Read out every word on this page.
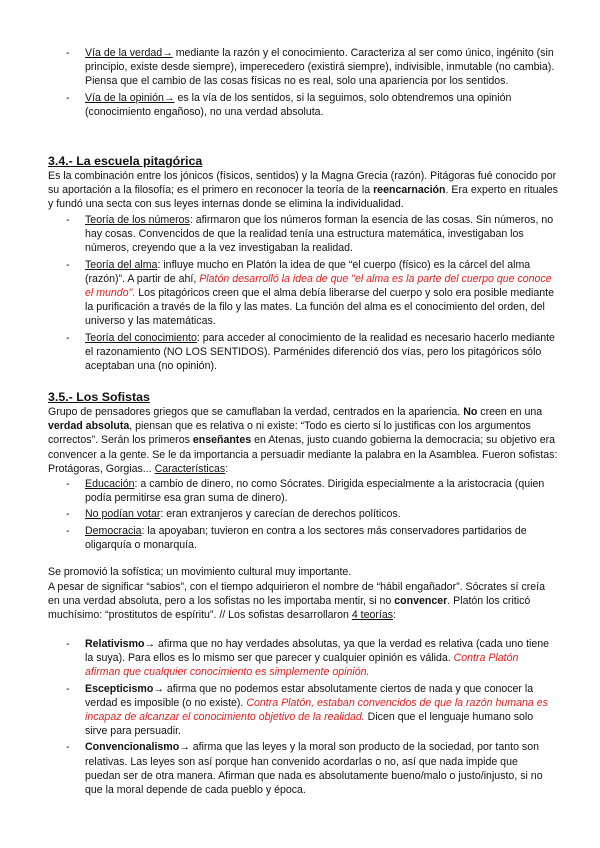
- Vía de la verdad→ mediante la razón y el conocimiento. Caracteriza al ser como único, ingénito (sin principio, existe desde siempre), imperecedero (existirá siempre), indivisible, inmutable (no cambia). Piensa que el cambio de las cosas físicas no es real, solo una apariencia por los sentidos.
- Vía de la opinión→ es la vía de los sentidos, si la seguimos, solo obtendremos una opinión (conocimiento engañoso), no una verdad absoluta.
3.4.- La escuela pitagórica

Es la combinación entre los jónicos (físicos, sentidos) y la Magna Grecia (razón). Pitágoras fué conocido por su aportación a la filosofía; es el primero en reconocer la teoría de la reencarnación. Era experto en rituales y fundó una secta con sus leyes internas donde se elimina la individualidad.

- Teoría de los números: afirmaron que los números forman la esencia de las cosas. Sin números, no hay cosas. Convencidos de que la realidad tenía una estructura matemática, investigaban los números, creyendo que a la vez investigaban la realidad.
- Teoría del alma: influye mucho en Platón la idea de que “el cuerpo (físico) es la cárcel del alma (razón)”. A partir de ahí, Platón desarrolló la idea de que "el alma es la parte del cuerpo que conoce el mundo". Los pitagóricos creen que el alma debía liberarse del cuerpo y solo era posible mediante la purificación a través de la filo y las mates. La función del alma es el conocimiento del orden, del universo y las matemáticas.
- Teoría del conocimiento: para acceder al conocimiento de la realidad es necesario hacerlo mediante el razonamiento (NO LOS SENTIDOS). Parménides diferenció dos vías, pero los pitagóricos sólo aceptaban una (no opinión).
3.5.- Los Sofistas

Grupo de pensadores griegos que se camuflaban la verdad, centrados en la apariencia. No creen en una verdad absoluta, piensan que es relativa o ni existe: “Todo es cierto si lo justificas con los argumentos correctos”. Serán los primeros enseñantes en Atenas, justo cuando gobierna la democracia; su objetivo era convencer a la gente. Se le da importancia a persuadir mediante la palabra en la Asamblea. Fueron sofistas: Protágoras, Gorgias... Características:

- Educación: a cambio de dinero, no como Sócrates. Dirigida especialmente a la aristocracia (quien podía permitirse esa gran suma de dinero).
- No podían votar: eran extranjeros y carecían de derechos políticos.
- Democracia: la apoyaban; tuvieron en contra a los sectores más conservadores partidarios de oligarquía o monarquía.

Se promovió la sofística; un movimiento cultural muy importante.

A pesar de significar “sabios”, con el tiempo adquirieron el nombre de “hábil engañador”. Sócrates sí creía en una verdad absoluta, pero a los sofistas no les importaba mentir, si no convencer. Platón los criticó muchísimo: “prostitutos de espíritu”. // Los sofistas desarrollaron 4 teorías:

- Relativismo→ afirma que no hay verdades absolutas, ya que la verdad es relativa (cada uno tiene la suya). Para ellos es lo mismo ser que parecer y cualquier opinión es válida. Contra Platón afirman que cualquier conocimiento es simplemente opinión.
- Escepticismo→ afirma que no podemos estar absolutamente ciertos de nada y que conocer la verdad es imposible (o no existe). Contra Platón, estaban convencidos de que la razón humana es incapaz de alcanzar el conocimiento objetivo de la realidad. Dicen que el lenguaje humano solo sirve para persuadir.
- Convencionalismo→ afirma que las leyes y la moral son producto de la sociedad, por tanto son relativas. Las leyes son así porque han convenido acordarlas o no, así que nada impide que puedan ser de otra manera. Afirman que nada es absolutamente bueno/malo o justo/injusto, si no que la moral depende de cada pueblo y época.
